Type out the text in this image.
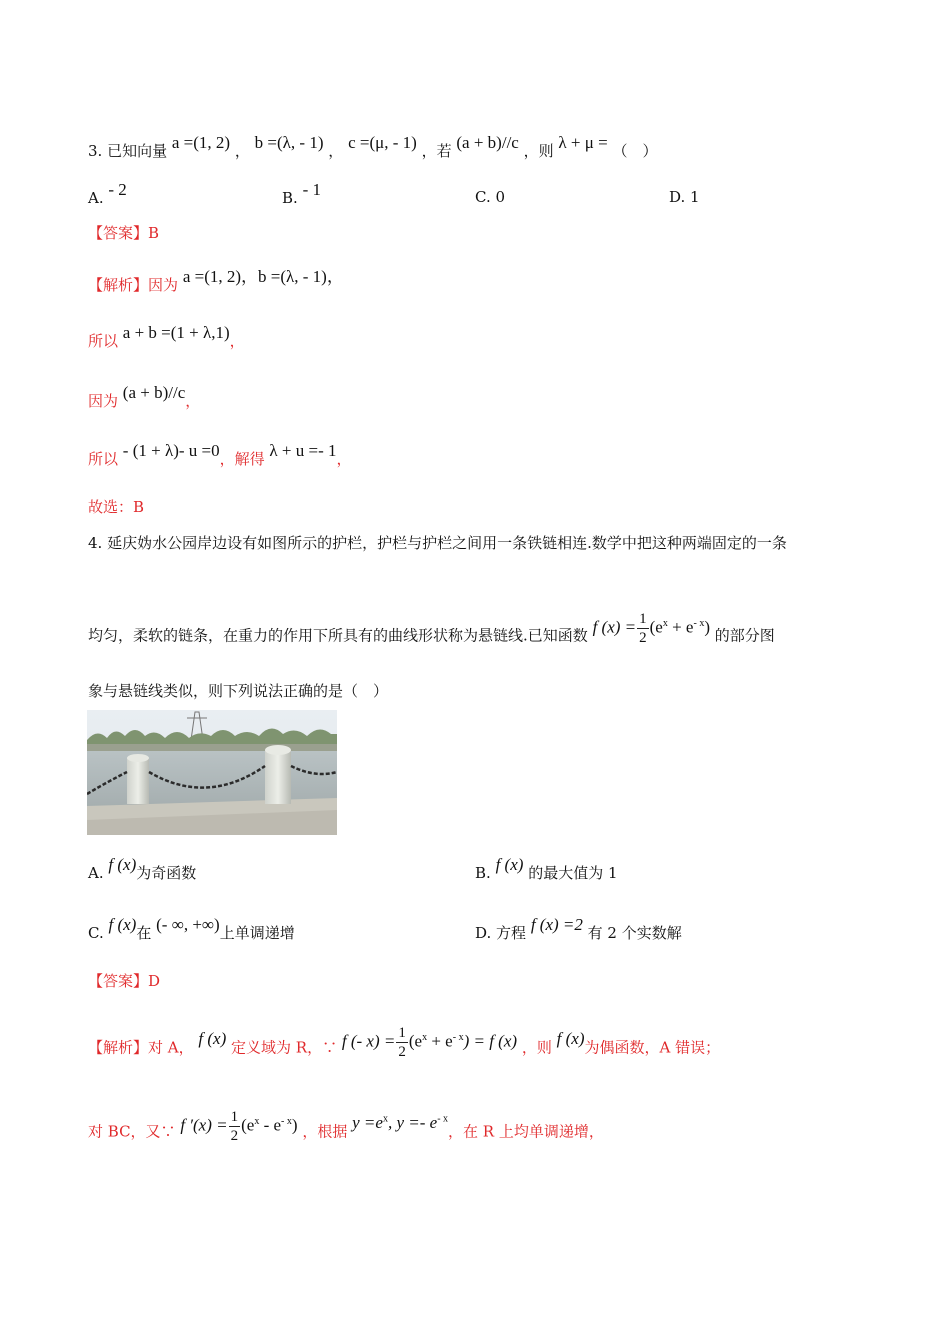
3. 已知向量 a =(1, 2) ， b =(λ, - 1) ， c =(μ, - 1) ，若 (a + b)//c ，则 λ + μ = （　）
A. - 2	B. - 1	C. 0	D. 1
【答案】B
【解析】因为 a =(1, 2)，b =(λ, - 1)，
所以 a + b =(1 + λ,1)，
因为 (a + b)//c，
所以 - (1 + λ)- u =0，解得 λ + u =- 1，
故选：B
4. 延庆妫水公园岸边设有如图所示的护栏，护栏与护栏之间用一条铁链相连.数学中把这种两端固定的一条
均匀，柔软的链条，在重力的作用下所具有的曲线形状称为悬链线.已知函数 f $(x) = \frac{1}{2} (e^x + e^{- x})$ 的部分图
象与悬链线类似，则下列说法正确的是（　）
A. f (x)为奇函数	B. f (x) 的最大值为 1
C. f (x)在 (- ∞, +∞)上单调递增	D. 方程 f (x) =2 有 2 个实数解
【答案】D
【解析】对 A， f (x) 定义域为 R，∵ f (- $x) = \frac{1}{2} (e^x + e^{- x}) = f$ (x) ，则 f (x)为偶函数，A 错误；
对 BC，又∵ f $'(x) = \frac{1}{2} (e^x - e^{- x})$ ，根据 $y =e^x$, $y =- e^{- x}$，在 R 上均单调递增，
